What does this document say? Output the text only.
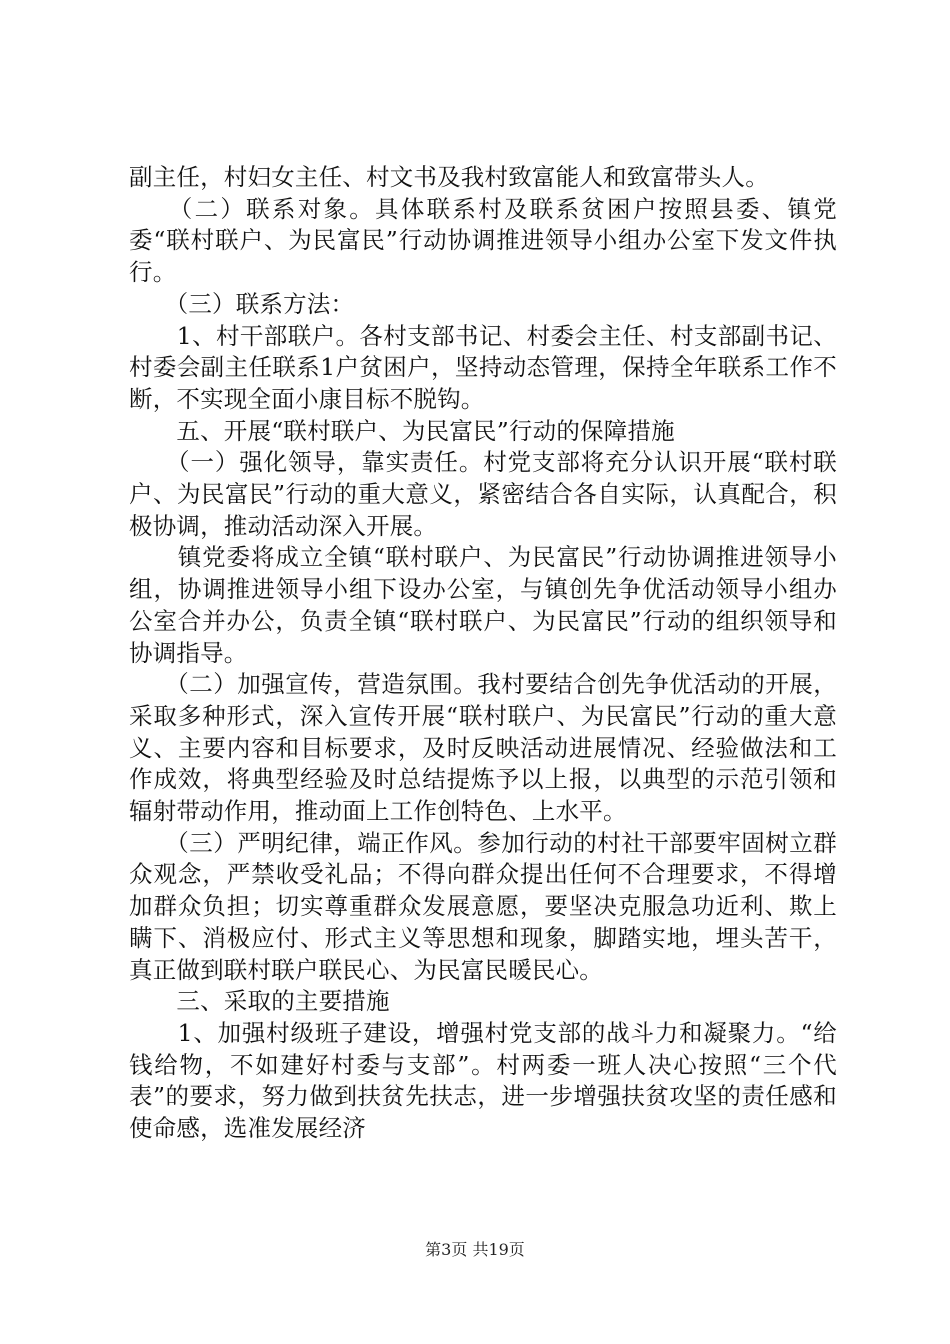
副主任，村妇女主任、村文书及我村致富能人和致富带头人。

　　（二）联系对象。具体联系村及联系贫困户按照县委、镇党委“联村联户、为民富民”行动协调推进领导小组办公室下发文件执行。

　　（三）联系方法：

　　1、村干部联户。各村支部书记、村委会主任、村支部副书记、村委会副主任联系1户贫困户，坚持动态管理，保持全年联系工作不断，不实现全面小康目标不脱钩。

　　五、开展“联村联户、为民富民”行动的保障措施

　　（一）强化领导，靠实责任。村党支部将充分认识开展“联村联户、为民富民”行动的重大意义，紧密结合各自实际，认真配合，积极协调，推动活动深入开展。

　　镇党委将成立全镇“联村联户、为民富民”行动协调推进领导小组，协调推进领导小组下设办公室，与镇创先争优活动领导小组办公室合并办公，负责全镇“联村联户、为民富民”行动的组织领导和协调指导。

　　（二）加强宣传，营造氛围。我村要结合创先争优活动的开展，采取多种形式，深入宣传开展“联村联户、为民富民”行动的重大意义、主要内容和目标要求，及时反映活动进展情况、经验做法和工作成效，将典型经验及时总结提炼予以上报，以典型的示范引领和辐射带动作用，推动面上工作创特色、上水平。

　　（三）严明纪律，端正作风。参加行动的村社干部要牢固树立群众观念，严禁收受礼品；不得向群众提出任何不合理要求，不得增加群众负担；切实尊重群众发展意愿，要坚决克服急功近利、欺上瞒下、消极应付、形式主义等思想和现象，脚踏实地，埋头苦干，真正做到联村联户联民心、为民富民暖民心。

　　三、采取的主要措施

　　1、加强村级班子建设，增强村党支部的战斗力和凝聚力。“给钱给物，不如建好村委与支部”。村两委一班人决心按照“三个代表”的要求，努力做到扶贫先扶志，进一步增强扶贫攻坚的责任感和使命感，选准发展经济

第3页 共19页
